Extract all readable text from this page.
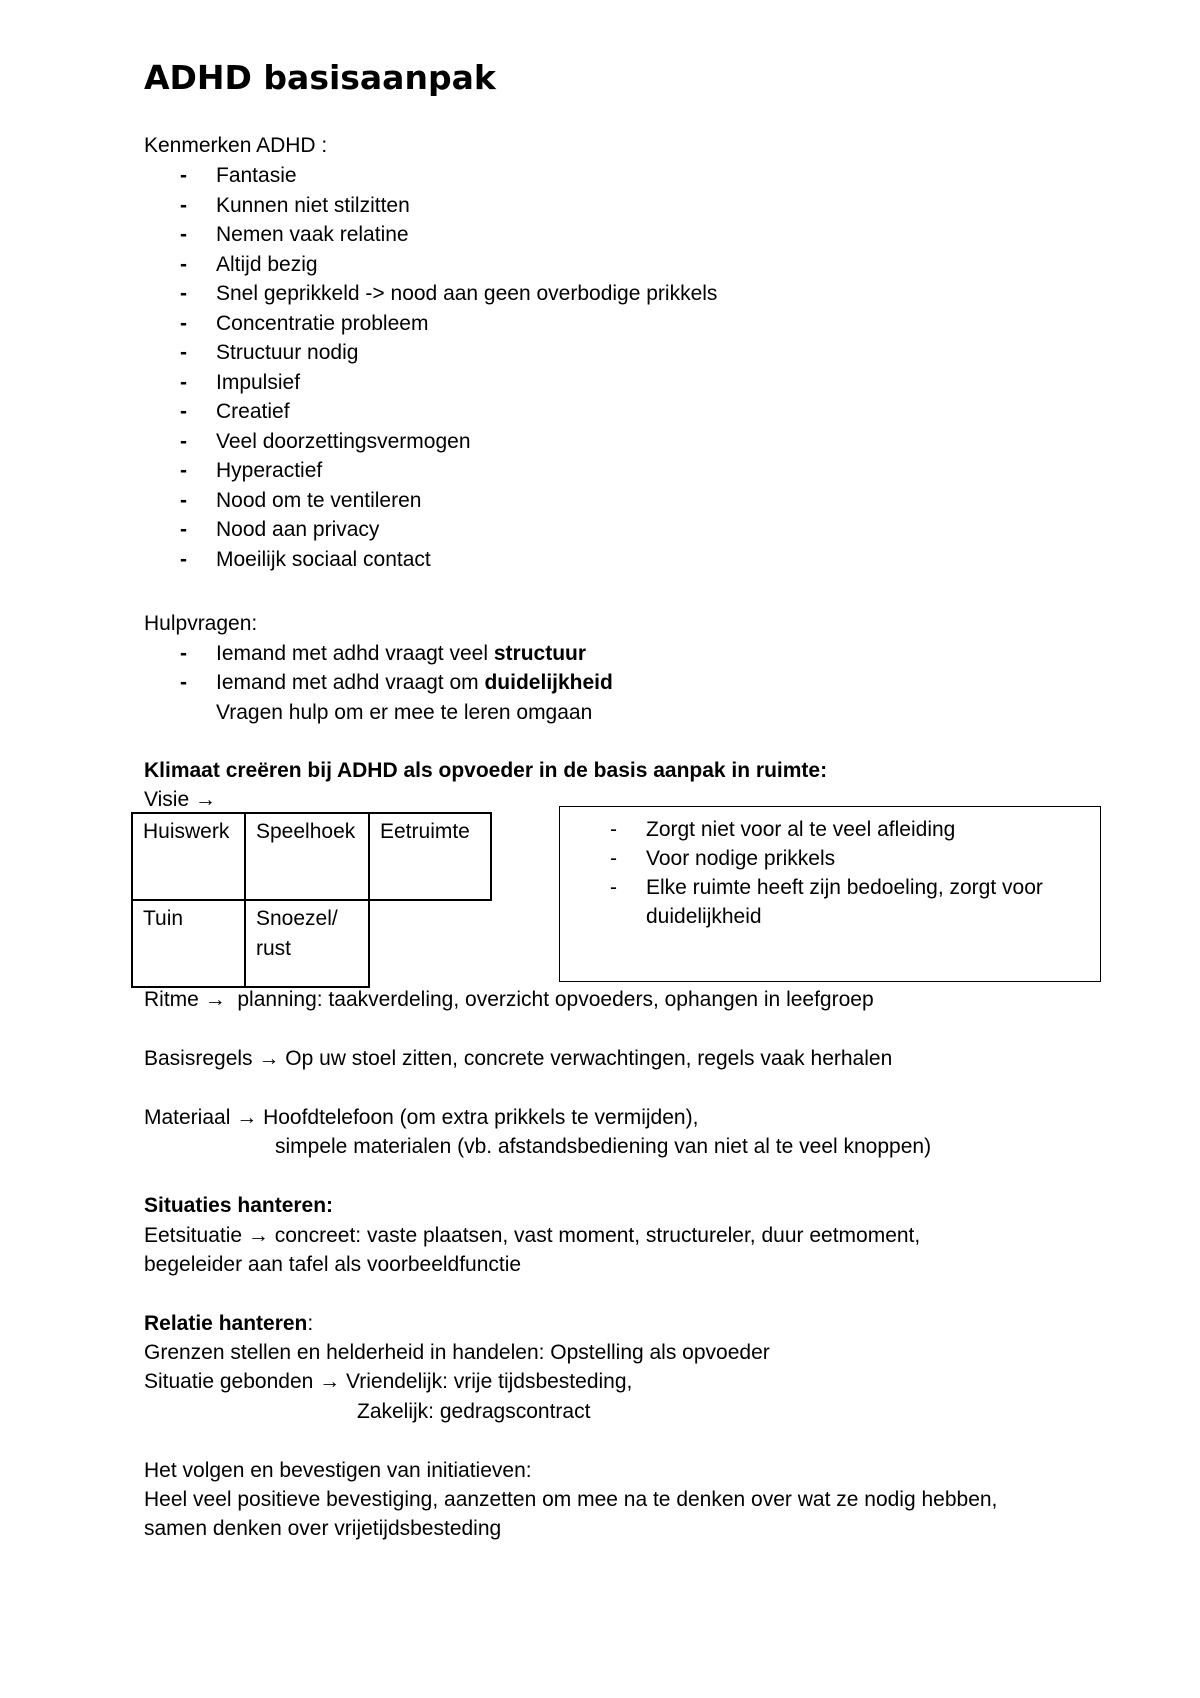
ADHD basisaanpak
Kenmerken ADHD :
- Fantasie
- Kunnen niet stilzitten
- Nemen vaak relatine
- Altijd bezig
- Snel geprikkeld -> nood aan geen overbodige prikkels
- Concentratie probleem
- Structuur nodig
- Impulsief
- Creatief
- Veel doorzettingsvermogen
- Hyperactief
- Nood om te ventileren
- Nood aan privacy
- Moeilijk sociaal contact
Hulpvragen:
- Iemand met adhd vraagt veel structuur
- Iemand met adhd vraagt om duidelijkheid
Vragen hulp om er mee te leren omgaan
Klimaat creëren bij ADHD als opvoeder in de basis aanpak in ruimte:
Visie →
Huiswerk	Speelhoek	Eetruimte
Tuin	Snoezel/ rust
- Zorgt niet voor al te veel afleiding
- Voor nodige prikkels
- Elke ruimte heeft zijn bedoeling, zorgt voor
duidelijkheid
Ritme → planning: taakverdeling, overzicht opvoeders, ophangen in leefgroep
Basisregels → Op uw stoel zitten, concrete verwachtingen, regels vaak herhalen
Materiaal → Hoofdtelefoon (om extra prikkels te vermijden),
simpele materialen (vb. afstandsbediening van niet al te veel knoppen)
Situaties hanteren:
Eetsituatie → concreet: vaste plaatsen, vast moment, structureler, duur eetmoment,
begeleider aan tafel als voorbeeldfunctie
Relatie hanteren:
Grenzen stellen en helderheid in handelen: Opstelling als opvoeder
Situatie gebonden → Vriendelijk: vrije tijdsbesteding,
Zakelijk: gedragscontract
Het volgen en bevestigen van initiatieven:
Heel veel positieve bevestiging, aanzetten om mee na te denken over wat ze nodig hebben,
samen denken over vrijetijdsbesteding
